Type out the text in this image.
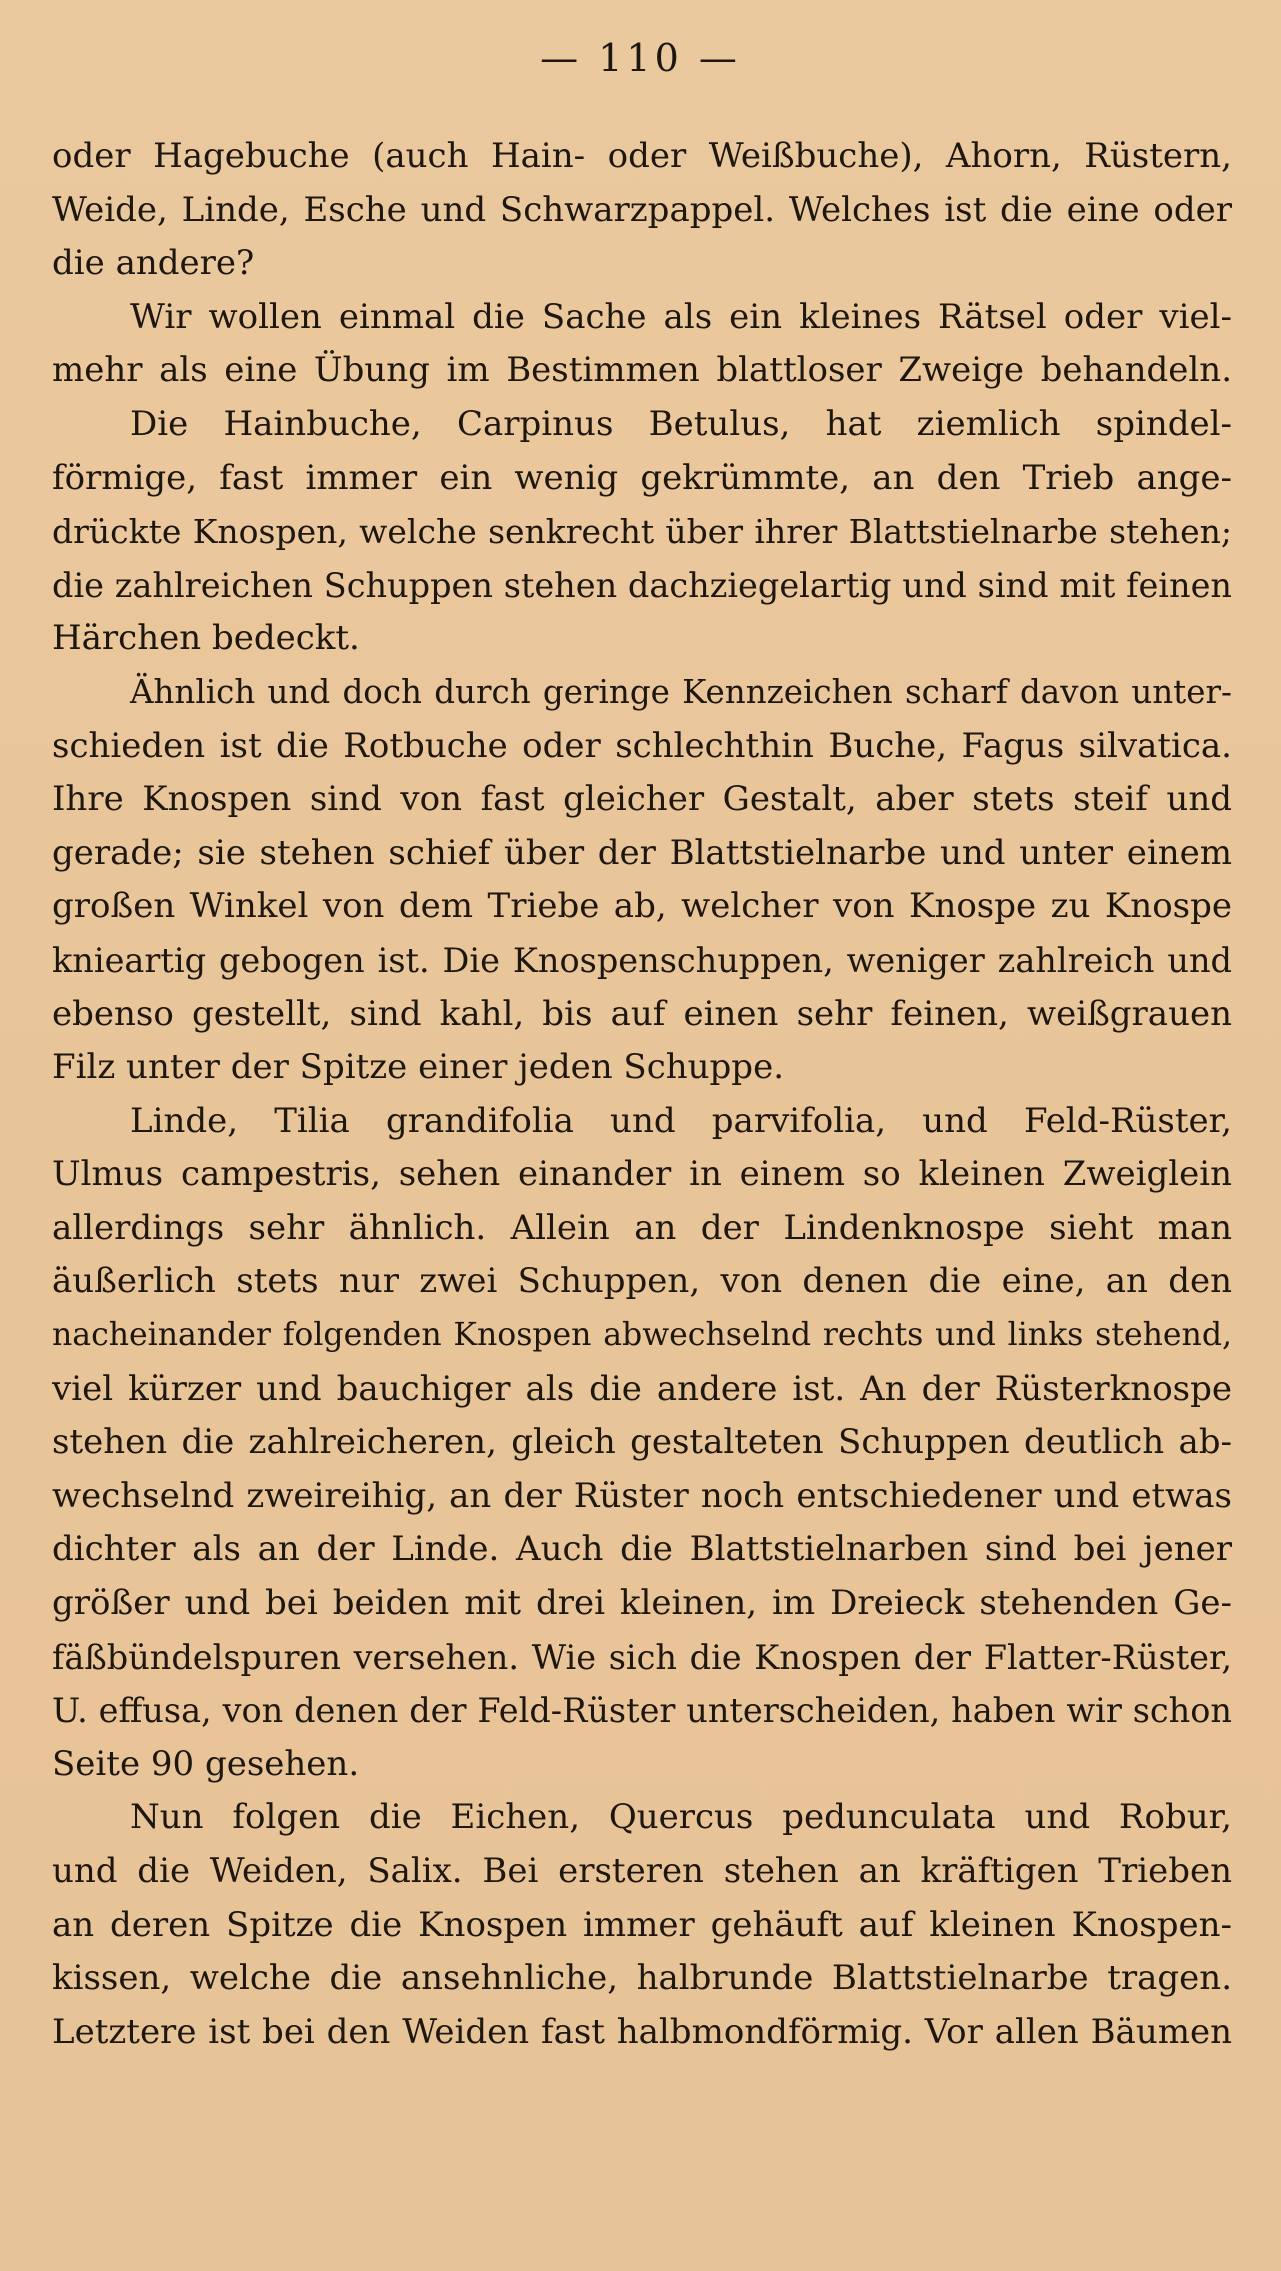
— 110 —
oder Hagebuche (auch Hain- oder Weißbuche), Ahorn, Rüstern,
Weide, Linde, Esche und Schwarzpappel. Welches ist die eine oder
die andere?
Wir wollen einmal die Sache als ein kleines Rätsel oder viel-
mehr als eine Übung im Bestimmen blattloser Zweige behandeln.
Die Hainbuche, Carpinus Betulus, hat ziemlich spindel-
förmige, fast immer ein wenig gekrümmte, an den Trieb ange-
drückte Knospen, welche senkrecht über ihrer Blattstielnarbe stehen;
die zahlreichen Schuppen stehen dachziegelartig und sind mit feinen
Härchen bedeckt.
Ähnlich und doch durch geringe Kennzeichen scharf davon unter-
schieden ist die Rotbuche oder schlechthin Buche, Fagus silvatica.
Ihre Knospen sind von fast gleicher Gestalt, aber stets steif und
gerade; sie stehen schief über der Blattstielnarbe und unter einem
großen Winkel von dem Triebe ab, welcher von Knospe zu Knospe
knieartig gebogen ist. Die Knospenschuppen, weniger zahlreich und
ebenso gestellt, sind kahl, bis auf einen sehr feinen, weißgrauen
Filz unter der Spitze einer jeden Schuppe.
Linde, Tilia grandifolia und parvifolia, und Feld-Rüster,
Ulmus campestris, sehen einander in einem so kleinen Zweiglein
allerdings sehr ähnlich. Allein an der Lindenknospe sieht man
äußerlich stets nur zwei Schuppen, von denen die eine, an den
nacheinander folgenden Knospen abwechselnd rechts und links stehend,
viel kürzer und bauchiger als die andere ist. An der Rüsterknospe
stehen die zahlreicheren, gleich gestalteten Schuppen deutlich ab-
wechselnd zweireihig, an der Rüster noch entschiedener und etwas
dichter als an der Linde. Auch die Blattstielnarben sind bei jener
größer und bei beiden mit drei kleinen, im Dreieck stehenden Ge-
fäßbündelspuren versehen. Wie sich die Knospen der Flatter-Rüster,
U. effusa, von denen der Feld-Rüster unterscheiden, haben wir schon
Seite 90 gesehen.
Nun folgen die Eichen, Quercus pedunculata und Robur,
und die Weiden, Salix. Bei ersteren stehen an kräftigen Trieben
an deren Spitze die Knospen immer gehäuft auf kleinen Knospen-
kissen, welche die ansehnliche, halbrunde Blattstielnarbe tragen.
Letztere ist bei den Weiden fast halbmondförmig. Vor allen Bäumen
